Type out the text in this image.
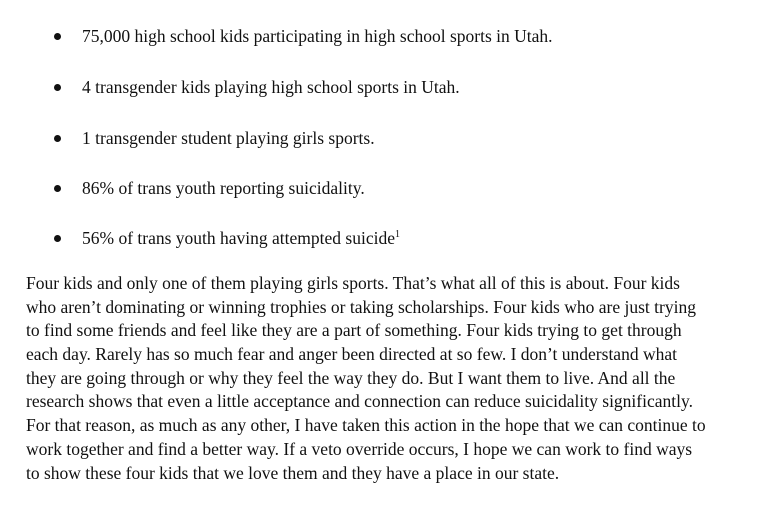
75,000 high school kids participating in high school sports in Utah.
4 transgender kids playing high school sports in Utah.
1 transgender student playing girls sports.
86% of trans youth reporting suicidality.
56% of trans youth having attempted suicide$^1$
Four kids and only one of them playing girls sports. That’s what all of this is about. Four kids
who aren’t dominating or winning trophies or taking scholarships. Four kids who are just trying
to find some friends and feel like they are a part of something. Four kids trying to get through
each day. Rarely has so much fear and anger been directed at so few. I don’t understand what
they are going through or why they feel the way they do. But I want them to live. And all the
research shows that even a little acceptance and connection can reduce suicidality significantly.
For that reason, as much as any other, I have taken this action in the hope that we can continue to
work together and find a better way. If a veto override occurs, I hope we can work to find ways
to show these four kids that we love them and they have a place in our state.
